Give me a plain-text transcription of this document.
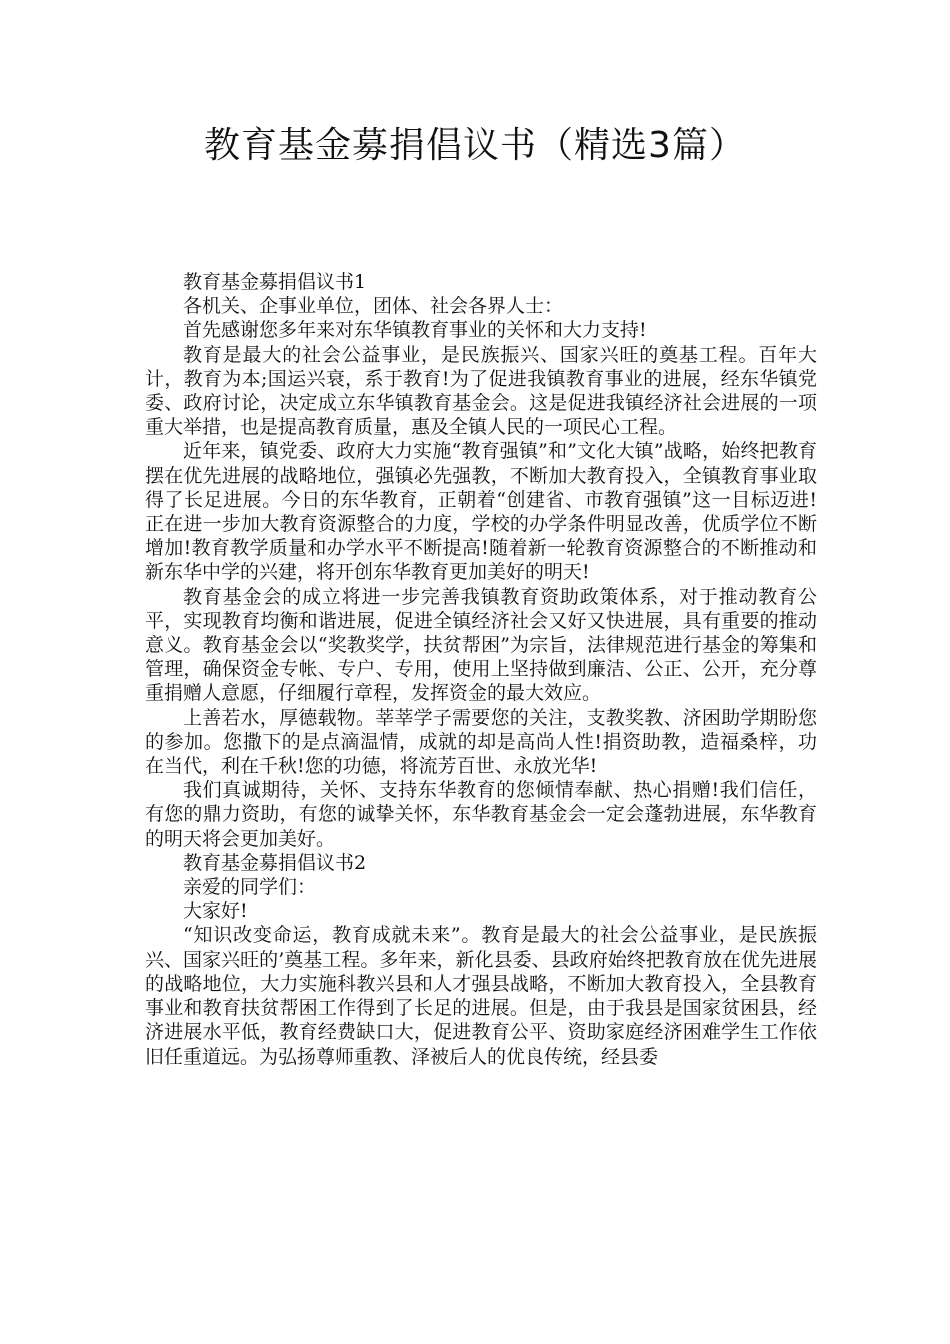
教育基金募捐倡议书（精选3篇）

教育基金募捐倡议书1

各机关、企事业单位，团体、社会各界人士：

首先感谢您多年来对东华镇教育事业的关怀和大力支持!

教育是最大的社会公益事业，是民族振兴、国家兴旺的奠基工程。百年大计，教育为本;国运兴衰，系于教育!为了促进我镇教育事业的进展，经东华镇党委、政府讨论，决定成立东华镇教育基金会。这是促进我镇经济社会进展的一项重大举措，也是提高教育质量，惠及全镇人民的一项民心工程。

近年来，镇党委、政府大力实施“教育强镇”和”文化大镇”战略，始终把教育摆在优先进展的战略地位，强镇必先强教，不断加大教育投入，全镇教育事业取得了长足进展。今日的东华教育，正朝着“创建省、市教育强镇”这一目标迈进!正在进一步加大教育资源整合的力度，学校的办学条件明显改善，优质学位不断增加!教育教学质量和办学水平不断提高!随着新一轮教育资源整合的不断推动和新东华中学的兴建，将开创东华教育更加美好的明天!

教育基金会的成立将进一步完善我镇教育资助政策体系，对于推动教育公平，实现教育均衡和谐进展，促进全镇经济社会又好又快进展，具有重要的推动意义。教育基金会以“奖教奖学，扶贫帮困”为宗旨，法律规范进行基金的筹集和管理，确保资金专帐、专户、专用，使用上坚持做到廉洁、公正、公开，充分尊重捐赠人意愿，仔细履行章程，发挥资金的最大效应。

上善若水，厚德载物。莘莘学子需要您的关注，支教奖教、济困助学期盼您的参加。您撒下的是点滴温情，成就的却是高尚人性!捐资助教，造福桑梓，功在当代，利在千秋!您的功德，将流芳百世、永放光华!

我们真诚期待，关怀、支持东华教育的您倾情奉献、热心捐赠!我们信任，有您的鼎力资助，有您的诚挚关怀，东华教育基金会一定会蓬勃进展，东华教育的明天将会更加美好。

教育基金募捐倡议书2

亲爱的同学们：

大家好!

“知识改变命运，教育成就未来”。教育是最大的社会公益事业，是民族振兴、国家兴旺的’奠基工程。多年来，新化县委、县政府始终把教育放在优先进展的战略地位，大力实施科教兴县和人才强县战略，不断加大教育投入，全县教育事业和教育扶贫帮困工作得到了长足的进展。但是，由于我县是国家贫困县，经济进展水平低，教育经费缺口大，促进教育公平、资助家庭经济困难学生工作依旧任重道远。为弘扬尊师重教、泽被后人的优良传统，经县委
